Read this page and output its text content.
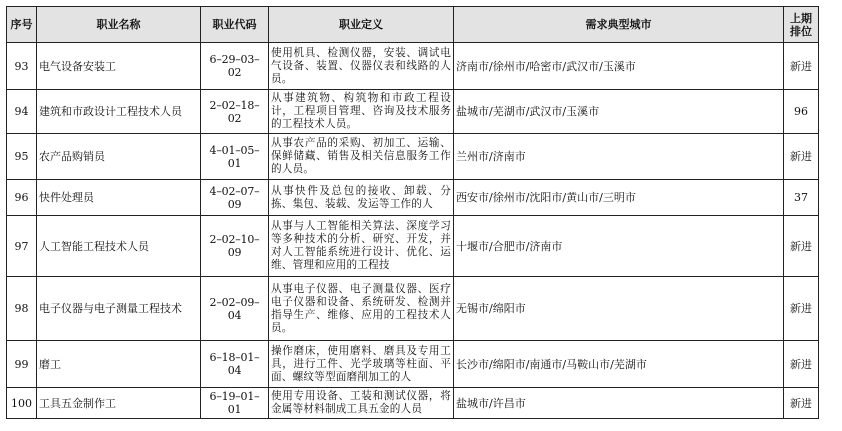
序号	职业名称	职业代码	职业定义	需求典型城市	上期排位
93	电气设备安装工	6–29–03–02	使用机具、检测仪器，安装、调试电气设备、装置、仪器仪表和线路的人员。	济南市/徐州市/哈密市/武汉市/玉溪市	新进
94	建筑和市政设计工程技术人员	2–02–18–02	从事建筑物、构筑物和市政工程设计，工程项目管理、咨询及技术服务的工程技术人员。	盐城市/芜湖市/武汉市/玉溪市	96
95	农产品购销员	4–01–05–01	从事农产品的采购、初加工、运输、保鲜储藏、销售及相关信息服务工作的人员。	兰州市/济南市	新进
96	快件处理员	4–02–07–09	从事快件及总包的接收、卸载、分拣、集包、装载、发运等工作的人	西安市/徐州市/沈阳市/黄山市/三明市	37
97	人工智能工程技术人员	2–02–10–09	从事与人工智能相关算法、深度学习等多种技术的分析、研究、开发，并对人工智能系统进行设计、优化、运维、管理和应用的工程技	十堰市/合肥市/济南市	新进
98	电子仪器与电子测量工程技术	2–02–09–04	从事电子仪器、电子测量仪器、医疗电子仪器和设备、系统研发、检测并指导生产、维修、应用的工程技术人员。	无锡市/绵阳市	新进
99	磨工	6–18–01–04	操作磨床，使用磨料、磨具及专用工具，进行工件、光学玻璃等柱面、平面、螺纹等型面磨削加工的人	长沙市/绵阳市/南通市/马鞍山市/芜湖市	新进
100	工具五金制作工	6–19–01–01	使用专用设备、工装和测试仪器，将金属等材料制成工具五金的人员	盐城市/许昌市	新进
